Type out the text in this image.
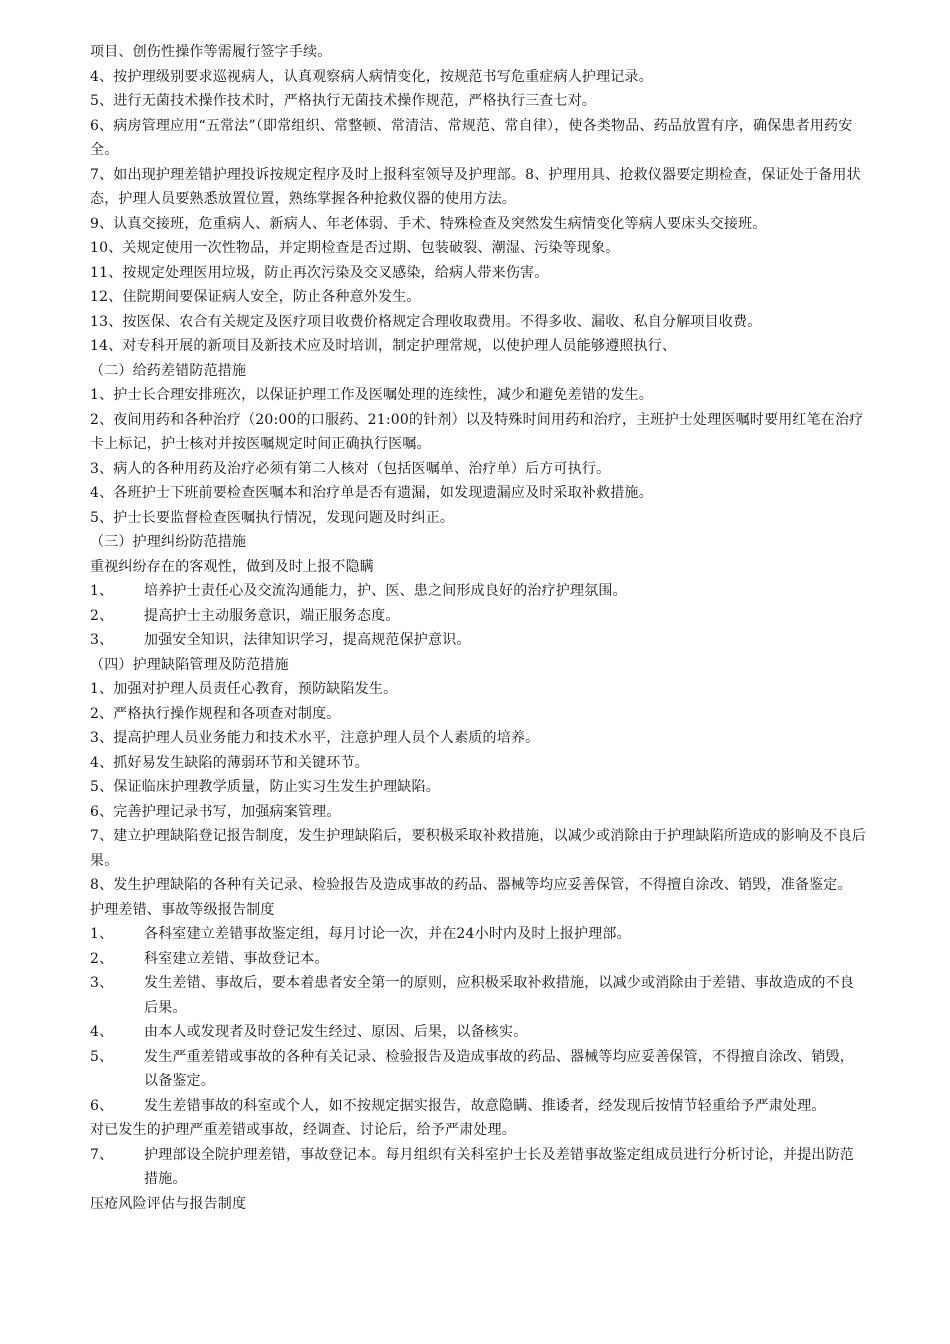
项目、创伤性操作等需履行签字手续。

4、按护理级别要求巡视病人，认真观察病人病情变化，按规范书写危重症病人护理记录。

5、进行无菌技术操作技术时，严格执行无菌技术操作规范，严格执行三查七对。

6、病房管理应用“五常法”（即常组织、常整顿、常清洁、常规范、常自律），使各类物品、药品放置有序，确保患者用药安全。

7、如出现护理差错护理投诉按规定程序及时上报科室领导及护理部。8、护理用具、抢救仪器要定期检查，保证处于备用状态，护理人员要熟悉放置位置，熟练掌握各种抢救仪器的使用方法。

9、认真交接班，危重病人、新病人、年老体弱、手术、特殊检查及突然发生病情变化等病人要床头交接班。

10、关规定使用一次性物品，并定期检查是否过期、包装破裂、潮湿、污染等现象。

11、按规定处理医用垃圾，防止再次污染及交叉感染，给病人带来伤害。

12、住院期间要保证病人安全，防止各种意外发生。

13、按医保、农合有关规定及医疗项目收费价格规定合理收取费用。不得多收、漏收、私自分解项目收费。

14、对专科开展的新项目及新技术应及时培训，制定护理常规，以使护理人员能够遵照执行、

（二）给药差错防范措施

1、护士长合理安排班次，以保证护理工作及医嘱处理的连续性，减少和避免差错的发生。

2、夜间用药和各种治疗（20:00的口服药、21:00的针剂）以及特殊时间用药和治疗，主班护士处理医嘱时要用红笔在治疗卡上标记，护士核对并按医嘱规定时间正确执行医嘱。

3、病人的各种用药及治疗必须有第二人核对（包括医嘱单、治疗单）后方可执行。

4、各班护士下班前要检查医嘱本和治疗单是否有遗漏，如发现遗漏应及时采取补救措施。

5、护士长要监督检查医嘱执行情况，发现问题及时纠正。

（三）护理纠纷防范措施

重视纠纷存在的客观性，做到及时上报不隐瞒

1、	培养护士责任心及交流沟通能力，护、医、患之间形成良好的治疗护理氛围。
2、	提高护士主动服务意识，端正服务态度。
3、	加强安全知识，法律知识学习，提高规范保护意识。

（四）护理缺陷管理及防范措施

1、加强对护理人员责任心教育，预防缺陷发生。

2、严格执行操作规程和各项查对制度。

3、提高护理人员业务能力和技术水平，注意护理人员个人素质的培养。

4、抓好易发生缺陷的薄弱环节和关键环节。

5、保证临床护理教学质量，防止实习生发生护理缺陷。

6、完善护理记录书写，加强病案管理。

7、建立护理缺陷登记报告制度，发生护理缺陷后，要积极采取补救措施，以减少或消除由于护理缺陷所造成的影响及不良后果。

8、发生护理缺陷的各种有关记录、检验报告及造成事故的药品、器械等均应妥善保管，不得擅自涂改、销毁，准备鉴定。

护理差错、事故等级报告制度

1、	各科室建立差错事故鉴定组，每月讨论一次，并在24小时内及时上报护理部。
2、	科室建立差错、事故登记本。
3、	发生差错、事故后，要本着患者安全第一的原则，应积极采取补救措施，以减少或消除由于差错、事故造成的不良后果。
4、	由本人或发现者及时登记发生经过、原因、后果，以备核实。
5、	发生严重差错或事故的各种有关记录、检验报告及造成事故的药品、器械等均应妥善保管，不得擅自涂改、销毁，以备鉴定。
6、	发生差错事故的科室或个人，如不按规定据实报告，故意隐瞒、推诿者，经发现后按情节轻重给予严肃处理。

对已发生的护理严重差错或事故，经调查、讨论后，给予严肃处理。

7、	护理部设全院护理差错，事故登记本。每月组织有关科室护士长及差错事故鉴定组成员进行分析讨论，并提出防范措施。

压疮风险评估与报告制度
